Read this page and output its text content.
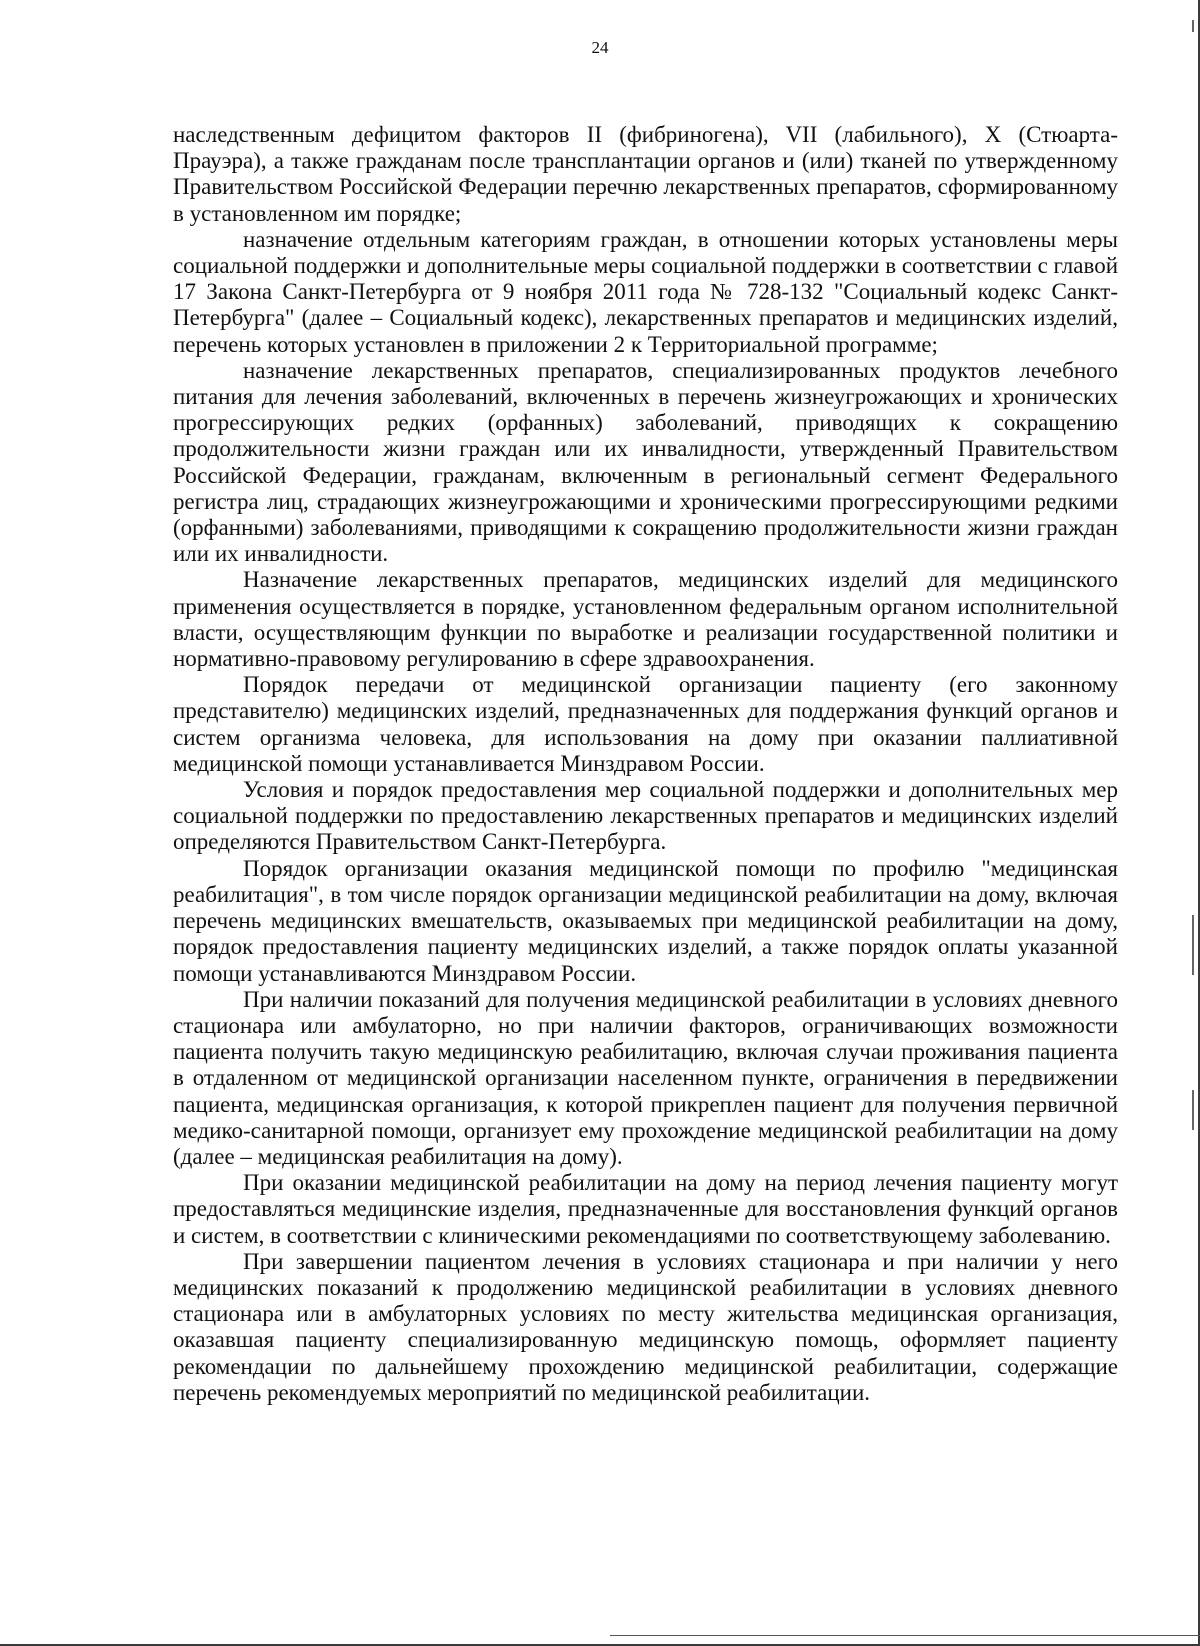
24

наследственным дефицитом факторов II (фибриногена), VII (лабильного), X (Стюарта-Прауэра), а также гражданам после трансплантации органов и (или) тканей по утвержденному Правительством Российской Федерации перечню лекарственных препаратов, сформированному в установленном им порядке;

назначение отдельным категориям граждан, в отношении которых установлены меры социальной поддержки и дополнительные меры социальной поддержки в соответствии с главой 17 Закона Санкт-Петербурга от 9 ноября 2011 года № 728-132 "Социальный кодекс Санкт-Петербурга" (далее – Социальный кодекс), лекарственных препаратов и медицинских изделий, перечень которых установлен в приложении 2 к Территориальной программе;

назначение лекарственных препаратов, специализированных продуктов лечебного питания для лечения заболеваний, включенных в перечень жизнеугрожающих и хронических прогрессирующих редких (орфанных) заболеваний, приводящих к сокращению продолжительности жизни граждан или их инвалидности, утвержденный Правительством Российской Федерации, гражданам, включенным в региональный сегмент Федерального регистра лиц, страдающих жизнеугрожающими и хроническими прогрессирующими редкими (орфанными) заболеваниями, приводящими к сокращению продолжительности жизни граждан или их инвалидности.

Назначение лекарственных препаратов, медицинских изделий для медицинского применения осуществляется в порядке, установленном федеральным органом исполнительной власти, осуществляющим функции по выработке и реализации государственной политики и нормативно-правовому регулированию в сфере здравоохранения.

Порядок передачи от медицинской организации пациенту (его законному представителю) медицинских изделий, предназначенных для поддержания функций органов и систем организма человека, для использования на дому при оказании паллиативной медицинской помощи устанавливается Минздравом России.

Условия и порядок предоставления мер социальной поддержки и дополнительных мер социальной поддержки по предоставлению лекарственных препаратов и медицинских изделий определяются Правительством Санкт-Петербурга.

Порядок организации оказания медицинской помощи по профилю "медицинская реабилитация", в том числе порядок организации медицинской реабилитации на дому, включая перечень медицинских вмешательств, оказываемых при медицинской реабилитации на дому, порядок предоставления пациенту медицинских изделий, а также порядок оплаты указанной помощи устанавливаются Минздравом России.

При наличии показаний для получения медицинской реабилитации в условиях дневного стационара или амбулаторно, но при наличии факторов, ограничивающих возможности пациента получить такую медицинскую реабилитацию, включая случаи проживания пациента в отдаленном от медицинской организации населенном пункте, ограничения в передвижении пациента, медицинская организация, к которой прикреплен пациент для получения первичной медико-санитарной помощи, организует ему прохождение медицинской реабилитации на дому (далее – медицинская реабилитация на дому).

При оказании медицинской реабилитации на дому на период лечения пациенту могут предоставляться медицинские изделия, предназначенные для восстановления функций органов и систем, в соответствии с клиническими рекомендациями по соответствующему заболеванию.

При завершении пациентом лечения в условиях стационара и при наличии у него медицинских показаний к продолжению медицинской реабилитации в условиях дневного стационара или в амбулаторных условиях по месту жительства медицинская организация, оказавшая пациенту специализированную медицинскую помощь, оформляет пациенту рекомендации по дальнейшему прохождению медицинской реабилитации, содержащие перечень рекомендуемых мероприятий по медицинской реабилитации.
